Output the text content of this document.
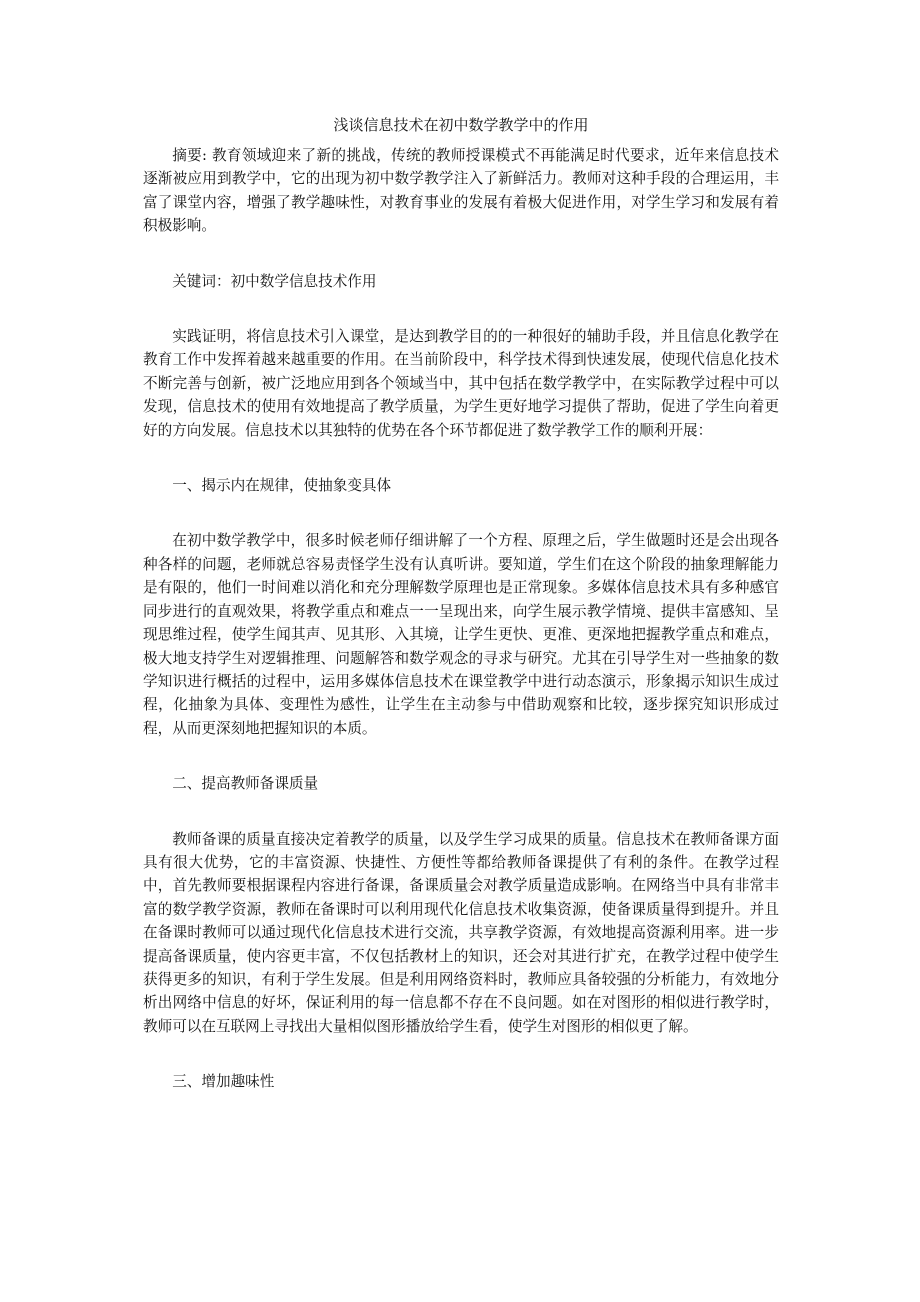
浅谈信息技术在初中数学教学中的作用

摘要: 教育领域迎来了新的挑战，传统的教师授课模式不再能满足时代要求，近年来信息技术逐渐被应用到教学中，它的出现为初中数学教学注入了新鲜活力。教师对这种手段的合理运用，丰富了课堂内容，增强了教学趣味性，对教育事业的发展有着极大促进作用，对学生学习和发展有着积极影响。

关键词：初中数学信息技术作用

实践证明，将信息技术引入课堂，是达到教学目的的一种很好的辅助手段，并且信息化教学在教育工作中发挥着越来越重要的作用。在当前阶段中，科学技术得到快速发展，使现代信息化技术不断完善与创新，被广泛地应用到各个领域当中，其中包括在数学教学中，在实际教学过程中可以发现，信息技术的使用有效地提高了教学质量，为学生更好地学习提供了帮助，促进了学生向着更好的方向发展。信息技术以其独特的优势在各个环节都促进了数学教学工作的顺利开展：

一、揭示内在规律，使抽象变具体

在初中数学教学中，很多时候老师仔细讲解了一个方程、原理之后，学生做题时还是会出现各种各样的问题，老师就总容易责怪学生没有认真听讲。要知道，学生们在这个阶段的抽象理解能力是有限的，他们一时间难以消化和充分理解数学原理也是正常现象。多媒体信息技术具有多种感官同步进行的直观效果，将教学重点和难点一一呈现出来，向学生展示教学情境、提供丰富感知、呈现思维过程，使学生闻其声、见其形、入其境，让学生更快、更准、更深地把握教学重点和难点，极大地支持学生对逻辑推理、问题解答和数学观念的寻求与研究。尤其在引导学生对一些抽象的数学知识进行概括的过程中，运用多媒体信息技术在课堂教学中进行动态演示，形象揭示知识生成过程，化抽象为具体、变理性为感性，让学生在主动参与中借助观察和比较，逐步探究知识形成过程，从而更深刻地把握知识的本质。

二、提高教师备课质量

教师备课的质量直接决定着教学的质量，以及学生学习成果的质量。信息技术在教师备课方面具有很大优势，它的丰富资源、快捷性、方便性等都给教师备课提供了有利的条件。在教学过程中，首先教师要根据课程内容进行备课，备课质量会对教学质量造成影响。在网络当中具有非常丰富的数学教学资源，教师在备课时可以利用现代化信息技术收集资源，使备课质量得到提升。并且在备课时教师可以通过现代化信息技术进行交流，共享教学资源，有效地提高资源利用率。进一步提高备课质量，使内容更丰富，不仅包括教材上的知识，还会对其进行扩充，在教学过程中使学生获得更多的知识，有利于学生发展。但是利用网络资料时，教师应具备较强的分析能力，有效地分析出网络中信息的好坏，保证利用的每一信息都不存在不良问题。如在对图形的相似进行教学时，教师可以在互联网上寻找出大量相似图形播放给学生看，使学生对图形的相似更了解。

三、增加趣味性
